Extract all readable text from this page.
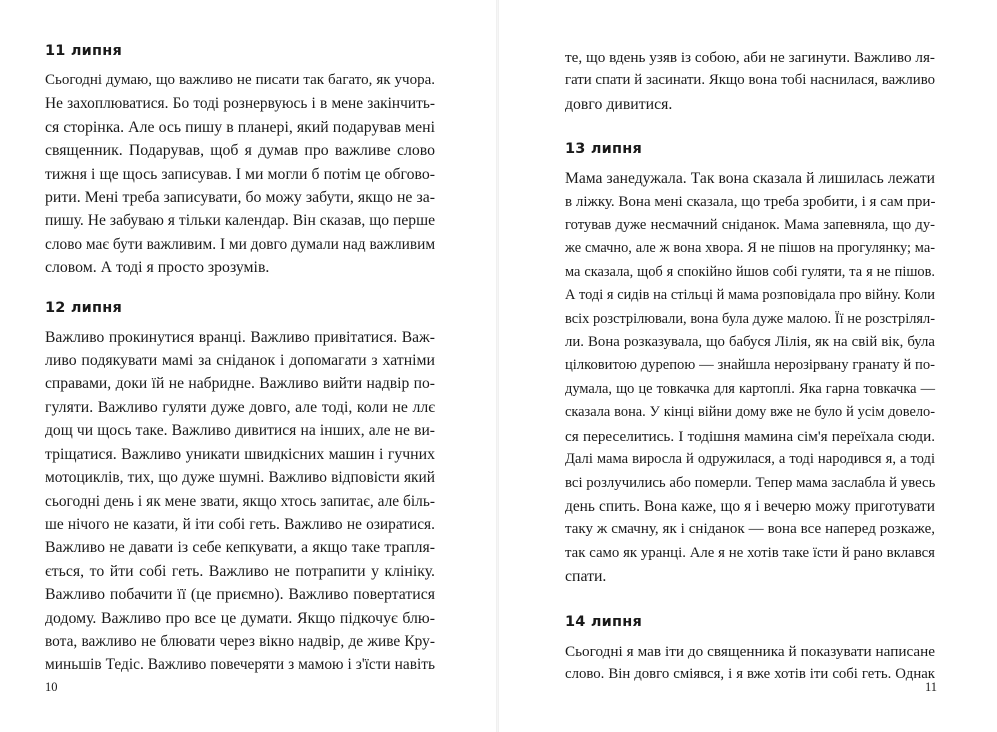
11 липня
Сьогодні думаю, що важливо не писати так багато, як учора.
Не захоплюватися. Бо тоді рознервуюсь і в мене закінчить-
ся сторінка. Але ось пишу в планері, який подарував мені
священник. Подарував, щоб я думав про важливе слово
тижня і ще щось записував. І ми могли б потім це обгово-
рити. Мені треба записувати, бо можу забути, якщо не за-
пишу. Не забуваю я тільки календар. Він сказав, що перше
слово має бути важливим. І ми довго думали над важливим
словом. А тоді я просто зрозумів.
12 липня
Важливо прокинутися вранці. Важливо привітатися. Важ-
ливо подякувати мамі за сніданок і допомагати з хатніми
справами, доки їй не набридне. Важливо вийти надвір по-
гуляти. Важливо гуляти дуже довго, але тоді, коли не ллє
дощ чи щось таке. Важливо дивитися на інших, але не ви-
тріщатися. Важливо уникати швидкісних машин і гучних
мотоциклів, тих, що дуже шумні. Важливо відповісти який
сьогодні день і як мене звати, якщо хтось запитає, але біль-
ше нічого не казати, й іти собі геть. Важливо не озиратися.
Важливо не давати із себе кепкувати, а якщо таке трапля-
ється, то йти собі геть. Важливо не потрапити у клініку.
Важливо побачити її (це приємно). Важливо повертатися
додому. Важливо про все це думати. Якщо підкочує блю-
вота, важливо не блювати через вікно надвір, де живе Кру-
миньшів Тедіс. Важливо повечеряти з мамою і з'їсти навіть
10
те, що вдень узяв із собою, аби не загинути. Важливо ля-
гати спати й засинати. Якщо вона тобі наснилася, важливо
довго дивитися.
13 липня
Мама занедужала. Так вона сказала й лишилась лежати
в ліжку. Вона мені сказала, що треба зробити, і я сам при-
готував дуже несмачний сніданок. Мама запевняла, що ду-
же смачно, але ж вона хвора. Я не пішов на прогулянку; ма-
ма сказала, щоб я спокійно йшов собі гуляти, та я не пішов.
А тоді я сидів на стільці й мама розповідала про війну. Коли
всіх розстрілювали, вона була дуже малою. Її не розстрілял-
ли. Вона розказувала, що бабуся Лілія, як на свій вік, була
цілковитою дурепою — знайшла нерозірвану гранату й по-
думала, що це товкачка для картоплі. Яка гарна товкачка —
сказала вона. У кінці війни дому вже не було й усім довело-
ся переселитись. І тодішня мамина сім'я переїхала сюди.
Далі мама виросла й одружилася, а тоді народився я, а тоді
всі розлучились або померли. Тепер мама заслабла й увесь
день спить. Вона каже, що я і вечерю можу приготувати
таку ж смачну, як і сніданок — вона все наперед розкаже,
так само як уранці. Але я не хотів таке їсти й рано вклався
спати.
14 липня
Сьогодні я мав іти до священника й показувати написане
слово. Він довго сміявся, і я вже хотів іти собі геть. Однак
11
